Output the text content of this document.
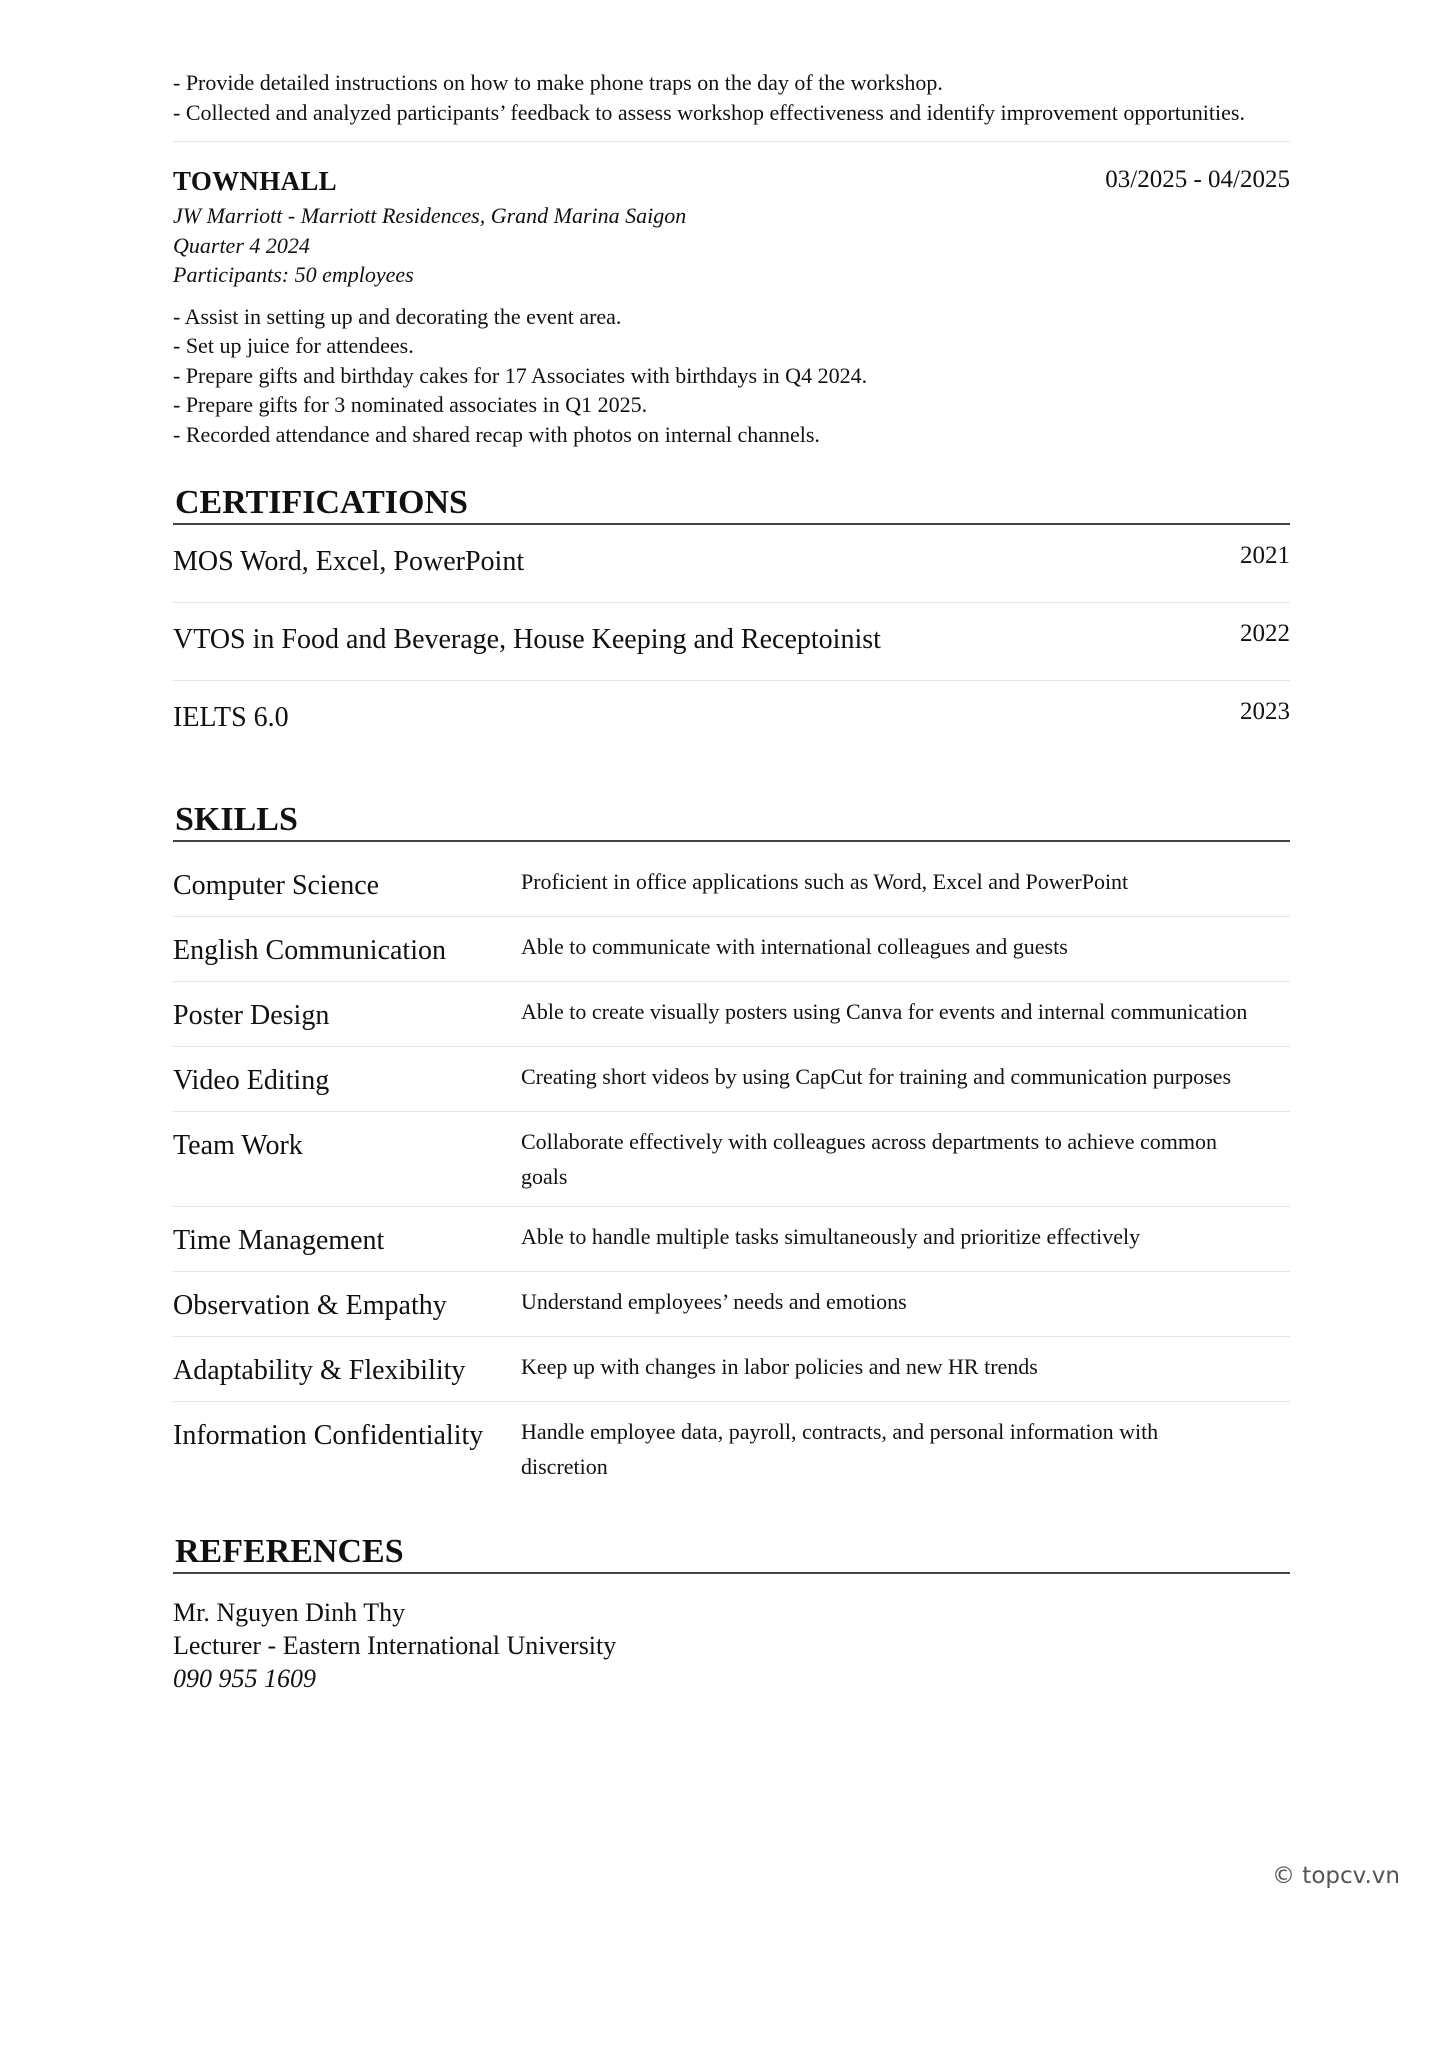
- Provide detailed instructions on how to make phone traps on the day of the workshop.
- Collected and analyzed participants’ feedback to assess workshop effectiveness and identify improvement opportunities.
TOWNHALL	03/2025 - 04/2025
JW Marriott - Marriott Residences, Grand Marina Saigon
Quarter 4 2024
Participants: 50 employees
- Assist in setting up and decorating the event area.
- Set up juice for attendees.
- Prepare gifts and birthday cakes for 17 Associates with birthdays in Q4 2024.
- Prepare gifts for 3 nominated associates in Q1 2025.
- Recorded attendance and shared recap with photos on internal channels.
CERTIFICATIONS
MOS Word, Excel, PowerPoint	2021
VTOS in Food and Beverage, House Keeping and Receptoinist	2022
IELTS 6.0	2023
SKILLS
Computer Science	Proficient in office applications such as Word, Excel and PowerPoint
English Communication	Able to communicate with international colleagues and guests
Poster Design	Able to create visually posters using Canva for events and internal communication
Video Editing	Creating short videos by using CapCut for training and communication purposes
Team Work	Collaborate effectively with colleagues across departments to achieve common goals
Time Management	Able to handle multiple tasks simultaneously and prioritize effectively
Observation & Empathy	Understand employees’ needs and emotions
Adaptability & Flexibility	Keep up with changes in labor policies and new HR trends
Information Confidentiality	Handle employee data, payroll, contracts, and personal information with discretion
REFERENCES
Mr. Nguyen Dinh Thy
Lecturer - Eastern International University
090 955 1609
© topcv.vn
